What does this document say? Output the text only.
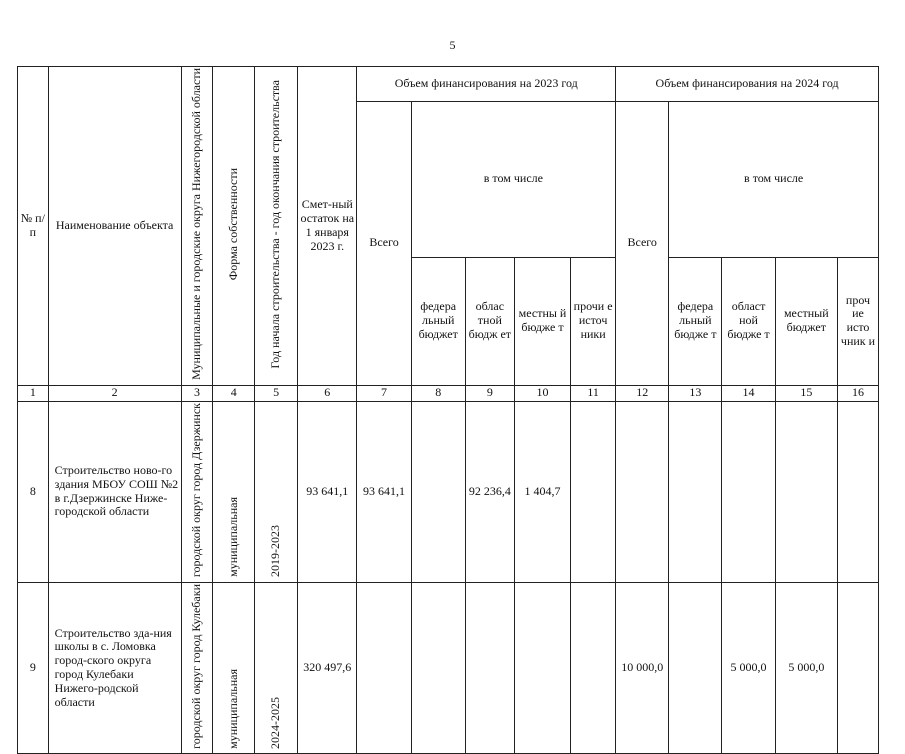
5
№ п/п	Наименование объекта	Муниципальные и городские округа Нижегородской области	Форма собственности	Год начала строительства - год окончания строительства	Смет-ный остаток на 1 января 2023 г.	Объем финансирования на 2023 год					Объем финансирования на 2024 год				
						Всего	в том числе				Всего	в том числе			
							федера льный бюджет	облас тной бюдж ет	местны й бюдже т	прочи е источ ники		федера льный бюдже т	област ной бюдже т	местный бюджет	проч ие исто чник и
1	2	3	4	5	6	7	8	9	10	11	12	13	14	15	16
8	Строительство ново-го здания МБОУ СОШ №2 в г.Дзержинске Ниже-городской области	городской округ город Дзержинск	муниципальная	2019-2023	93 641,1	93 641,1		92 236,4	1 404,7						
9	Строительство зда-ния школы в с. Ломовка город-ского округа город Кулебаки Нижего-родской области	городской округ город Кулебаки	муниципальная	2024-2025	320 497,6						10 000,0		5 000,0	5 000,0	
